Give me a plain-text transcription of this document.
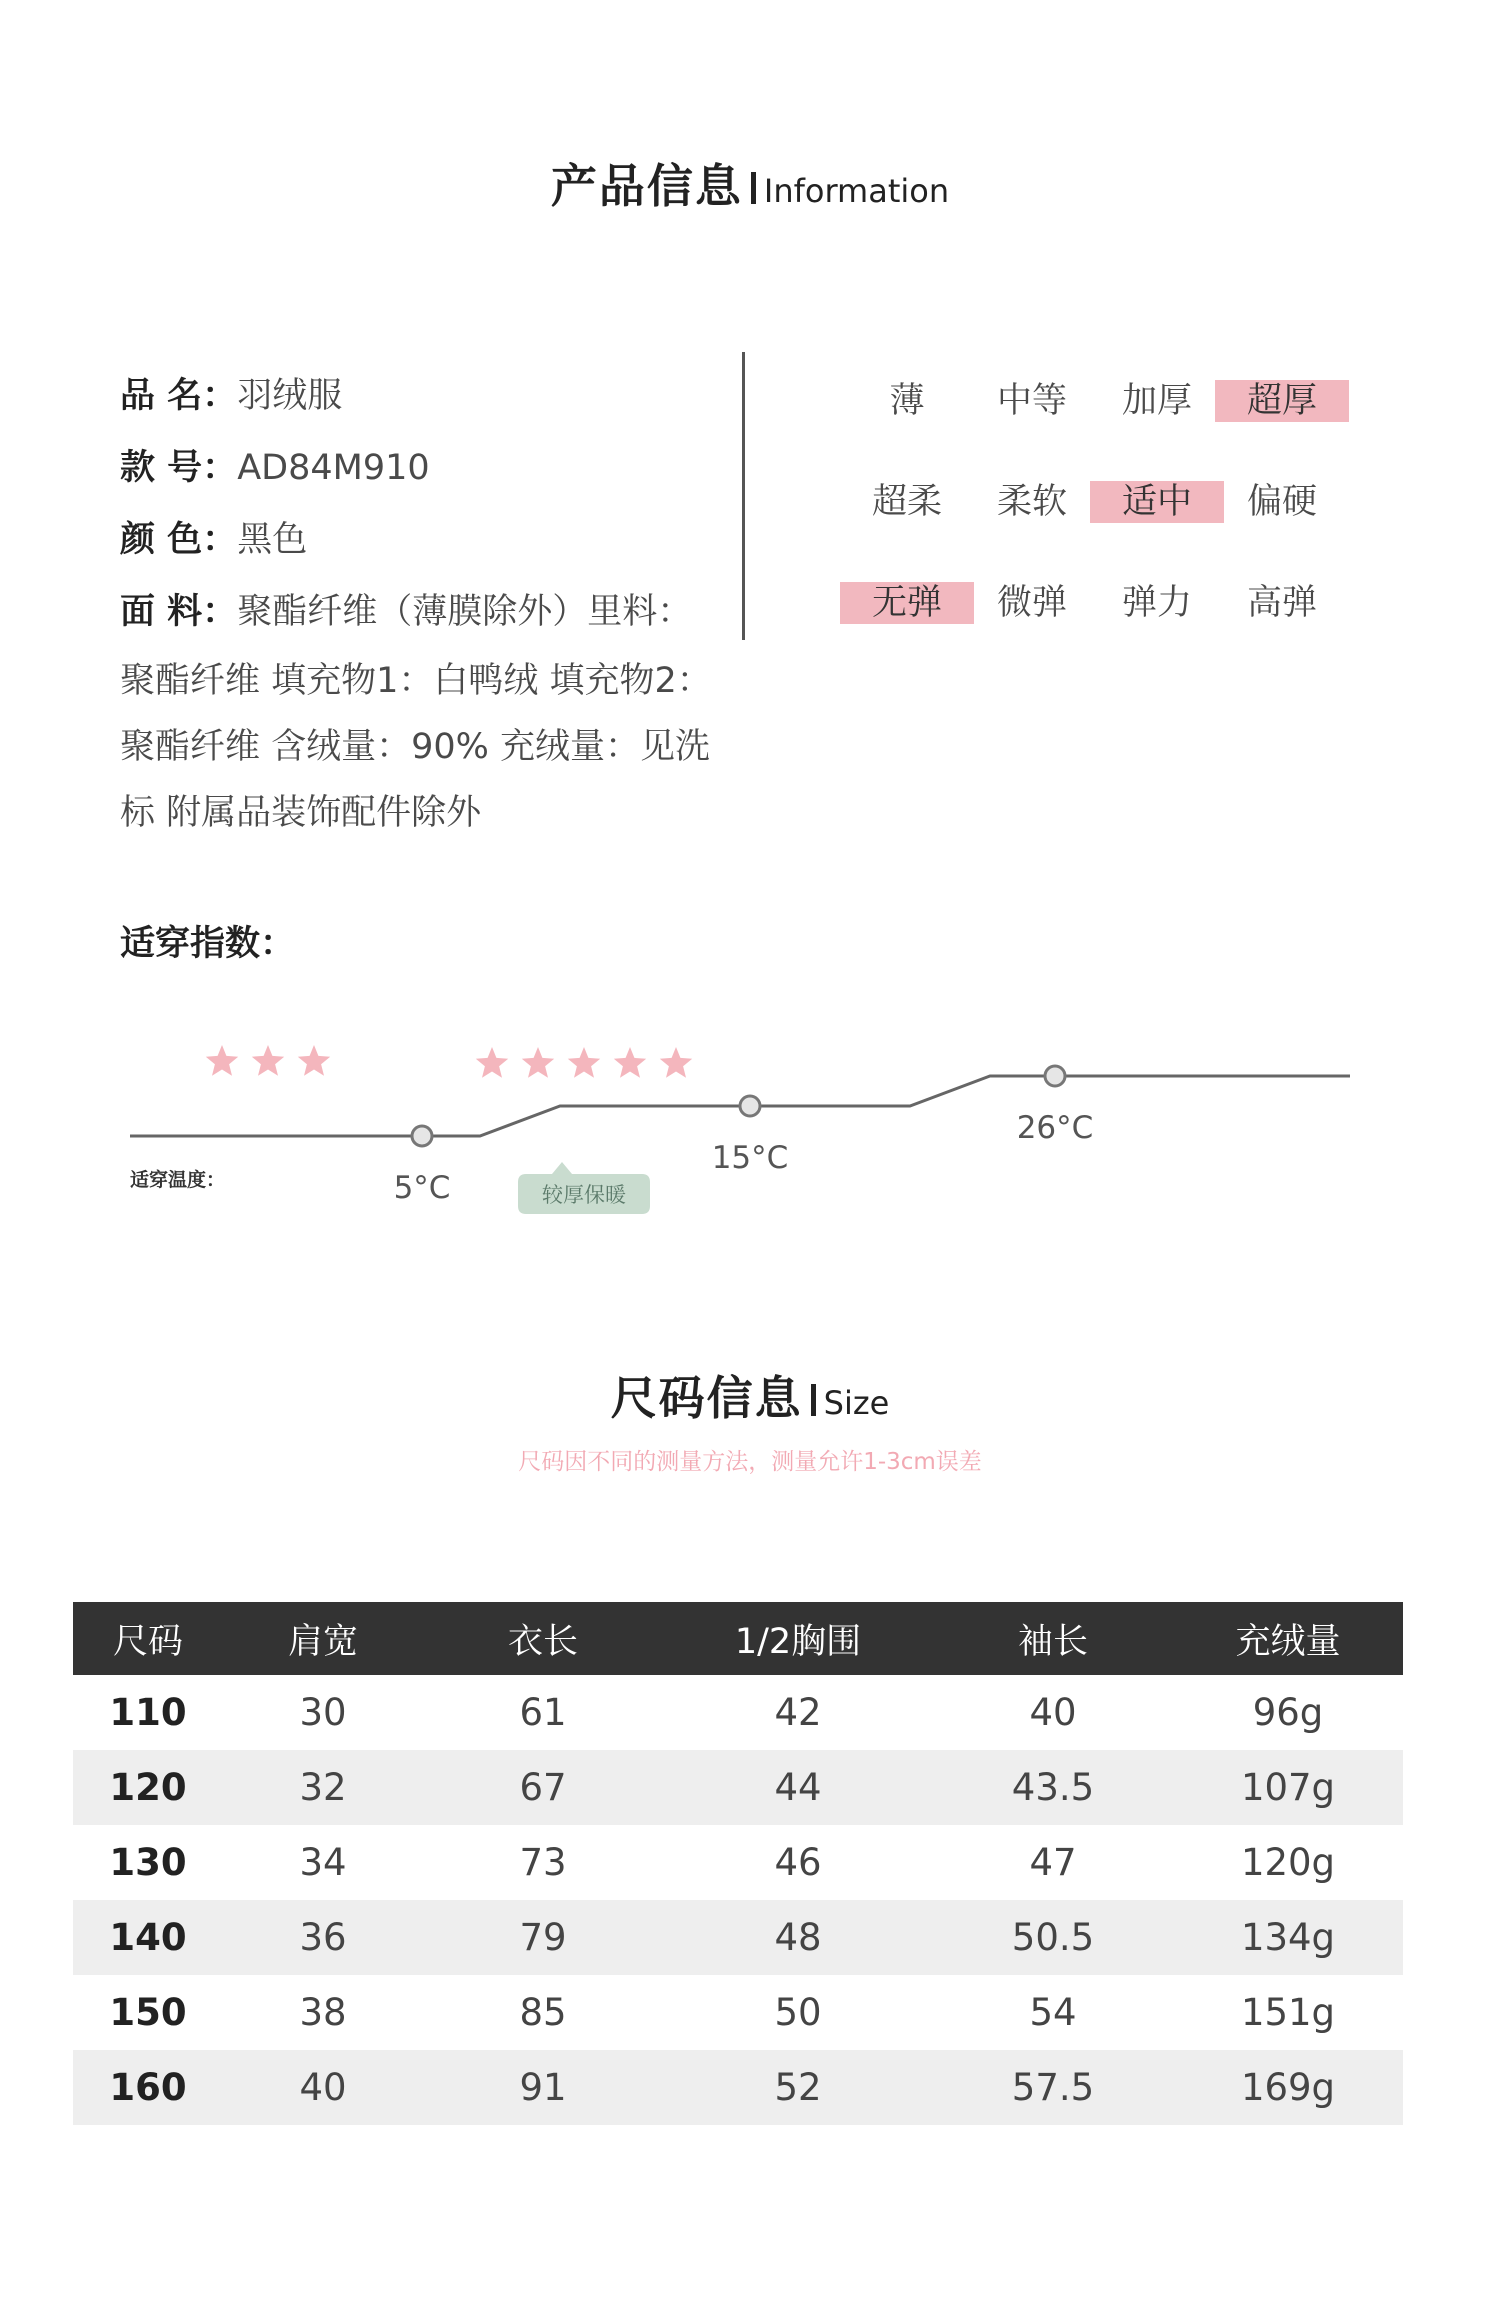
产品信息 Information
品 名：羽绒服
款 号：AD84M910
颜 色：黑色
面 料：聚酯纤维（薄膜除外）里料：
聚酯纤维 填充物1：白鸭绒 填充物2：
聚酯纤维 含绒量：90% 充绒量：见洗
标 附属品装饰配件除外
薄	中等	加厚	超厚
超柔	柔软	适中	偏硬
无弹	微弹	弹力	高弹
适穿指数：
适穿温度：	5°C
15°C
26°C
较厚保暖
尺码信息 Size
尺码因不同的测量方法，测量允许1-3cm误差
尺码	肩宽	衣长	1/2胸围	袖长	充绒量
110	30	61	42	40	96g
120	32	67	44	43.5	107g
130	34	73	46	47	120g
140	36	79	48	50.5	134g
150	38	85	50	54	151g
160	40	91	52	57.5	169g
